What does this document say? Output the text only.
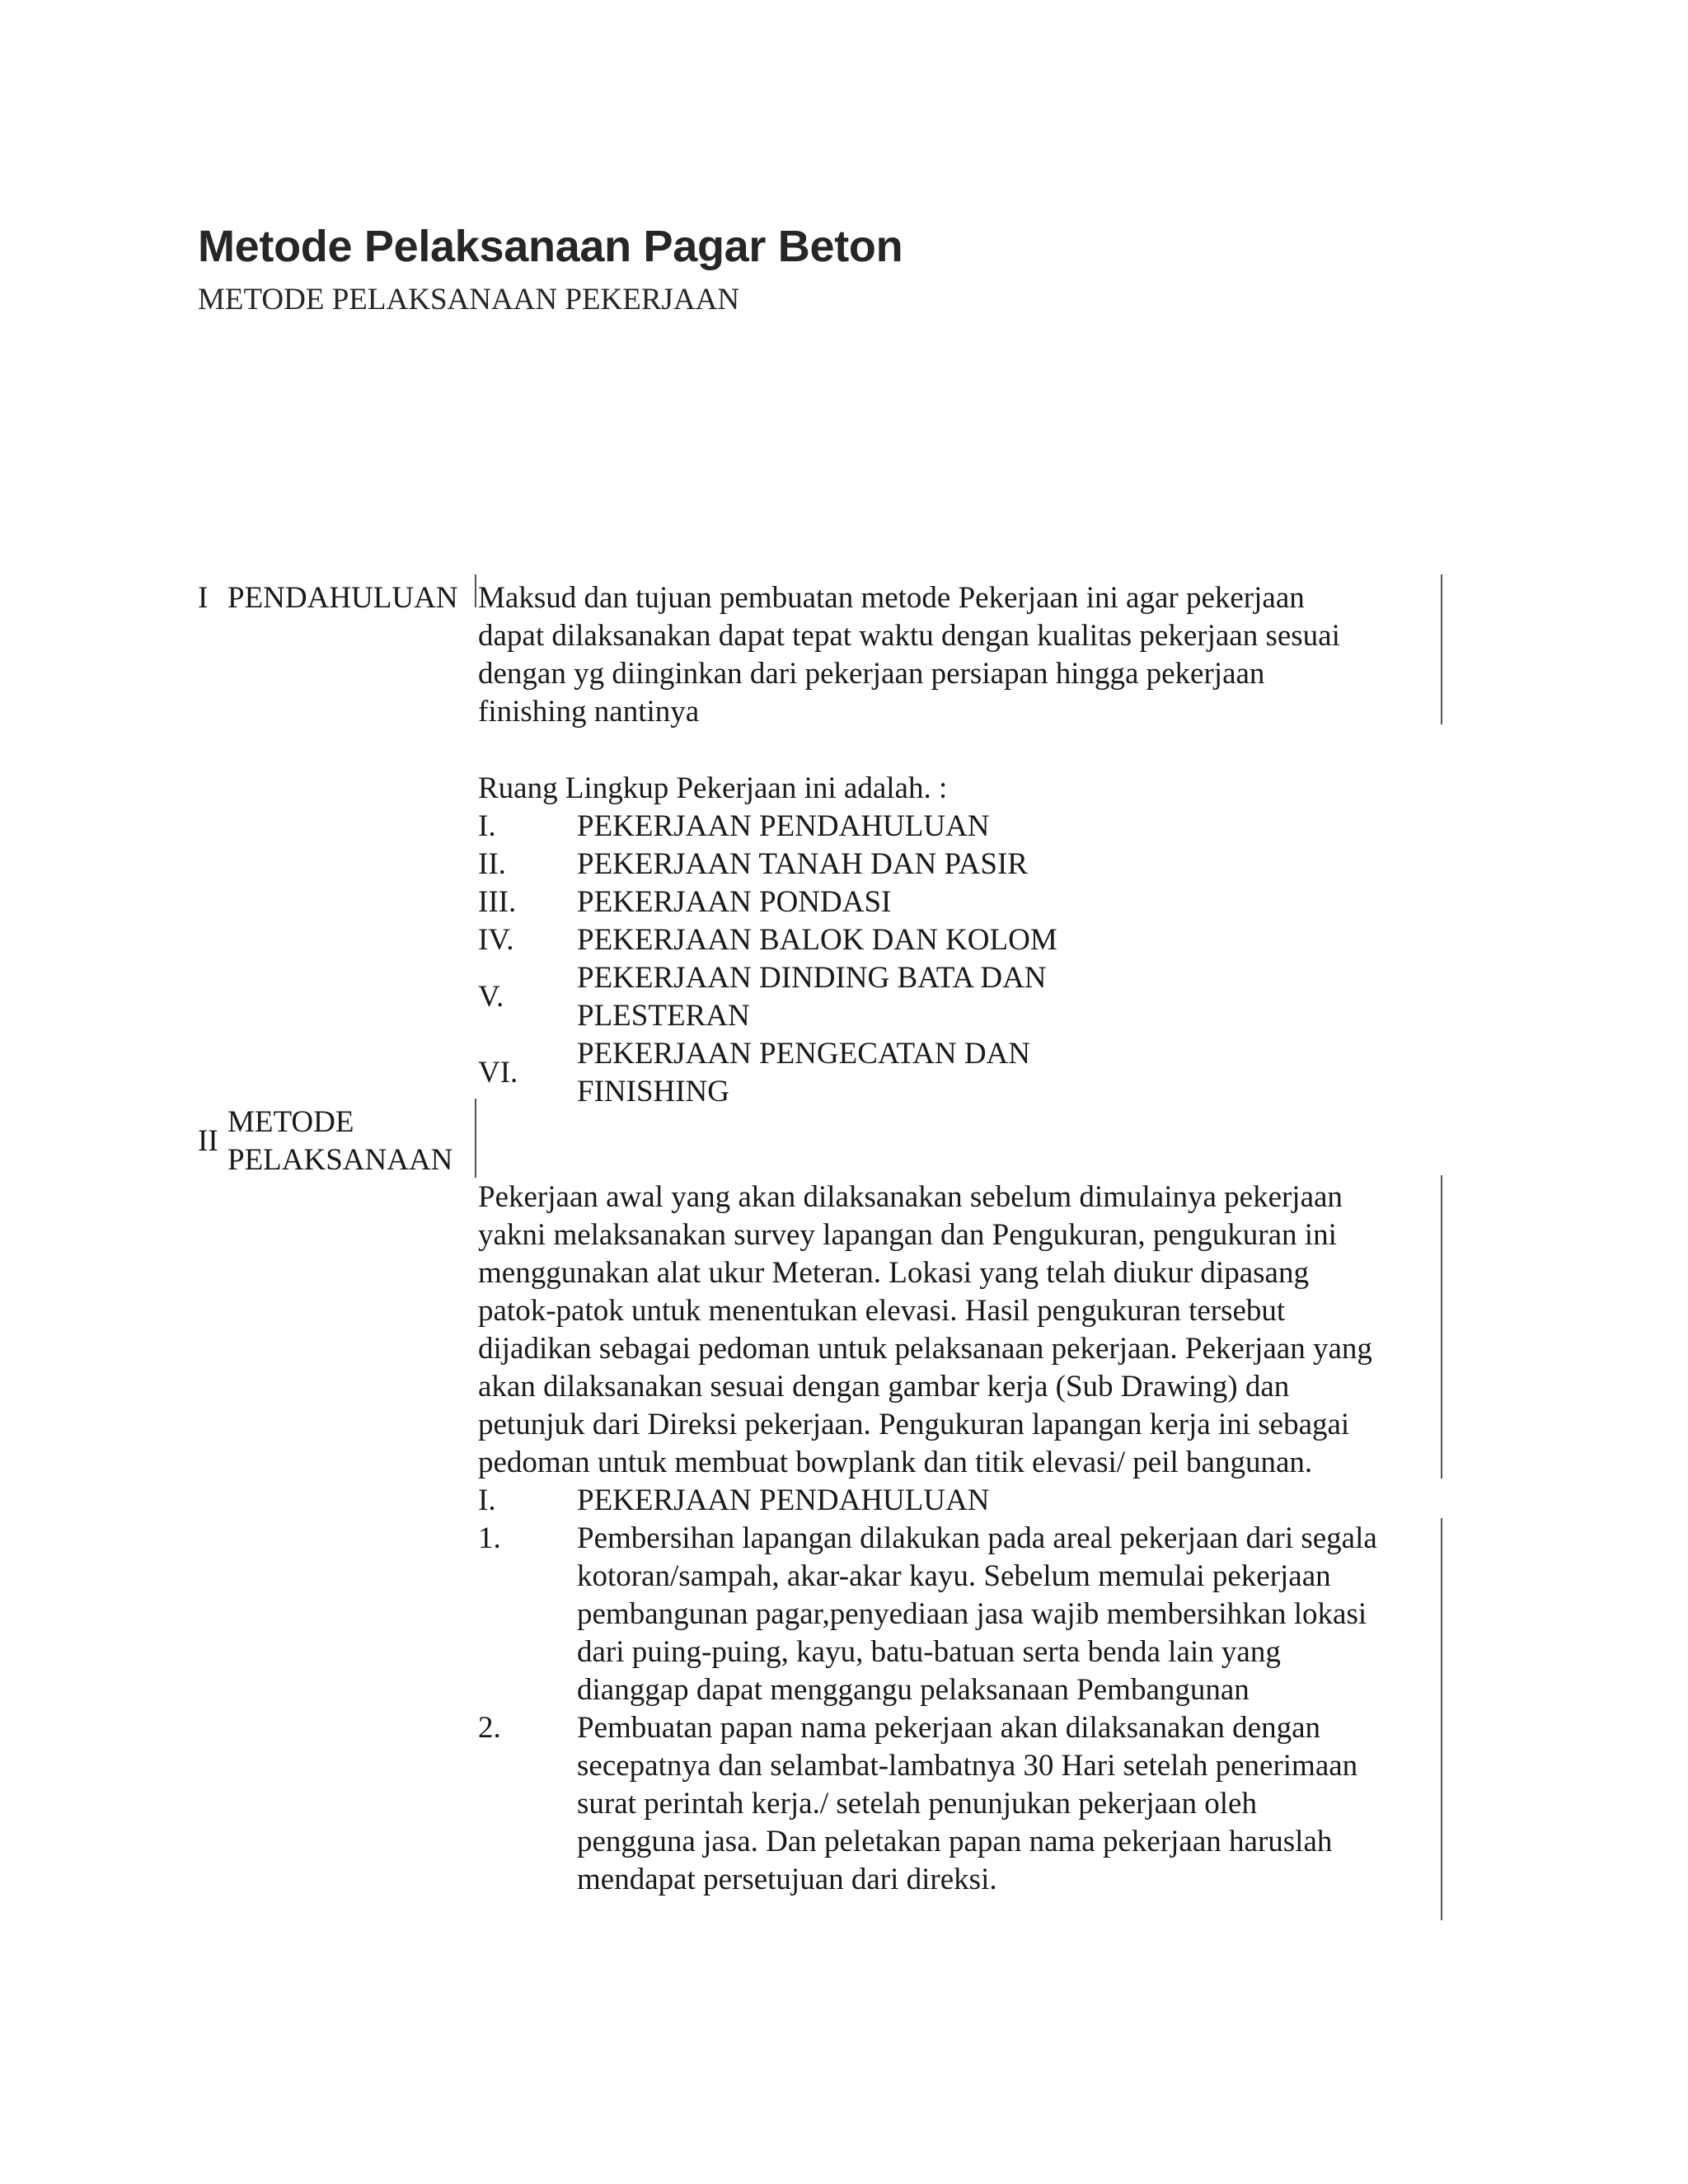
Metode Pelaksanaan Pagar Beton
METODE PELAKSANAAN PEKERJAAN
I PENDAHULUAN Maksud dan tujuan pembuatan metode Pekerjaan ini agar pekerjaan
dapat dilaksanakan dapat tepat waktu dengan kualitas pekerjaan sesuai
dengan yg diinginkan dari pekerjaan persiapan hingga pekerjaan
finishing nantinya
Ruang Lingkup Pekerjaan ini adalah. :
I.	PEKERJAAN PENDAHULUAN
II. PEKERJAAN TANAH DAN PASIR
III. PEKERJAAN PONDASI
IV. PEKERJAAN BALOK DAN KOLOM
V.
PEKERJAAN DINDING BATA DAN
PLESTERAN
VI.
PEKERJAAN PENGECATAN DAN
FINISHING
II
METODE
PELAKSANAAN
Pekerjaan awal yang akan dilaksanakan sebelum dimulainya pekerjaan
yakni melaksanakan survey lapangan dan Pengukuran, pengukuran ini
menggunakan alat ukur Meteran. Lokasi yang telah diukur dipasang
patok-patok untuk menentukan elevasi. Hasil pengukuran tersebut
dijadikan sebagai pedoman untuk pelaksanaan pekerjaan. Pekerjaan yang
akan dilaksanakan sesuai dengan gambar kerja (Sub Drawing) dan
petunjuk dari Direksi pekerjaan. Pengukuran lapangan kerja ini sebagai
pedoman untuk membuat bowplank dan titik elevasi/ peil bangunan.
I.	PEKERJAAN PENDAHULUAN
1. Pembersihan lapangan dilakukan pada areal pekerjaan dari segala
kotoran/sampah, akar-akar kayu. Sebelum memulai pekerjaan
pembangunan pagar,penyediaan jasa wajib membersihkan lokasi
dari puing-puing, kayu, batu-batuan serta benda lain yang
dianggap dapat menggangu pelaksanaan Pembangunan
2. Pembuatan papan nama pekerjaan akan dilaksanakan dengan
secepatnya dan selambat-lambatnya 30 Hari setelah penerimaan
surat perintah kerja./ setelah penunjukan pekerjaan oleh
pengguna jasa. Dan peletakan papan nama pekerjaan haruslah
mendapat persetujuan dari direksi.
